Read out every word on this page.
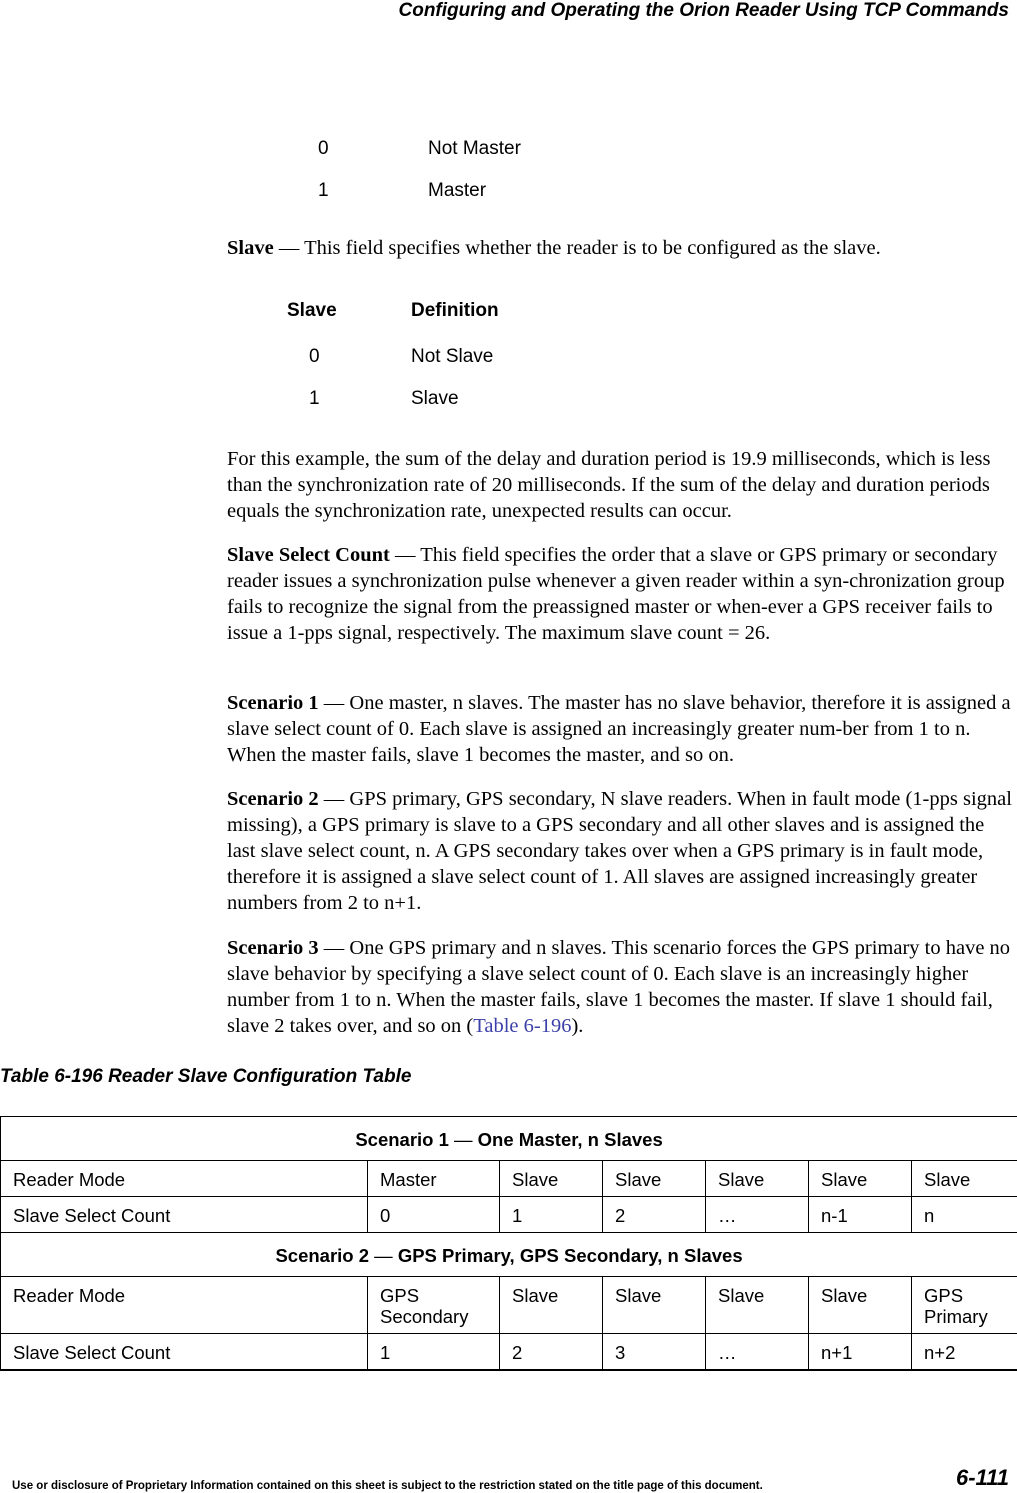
Configuring and Operating the Orion Reader Using TCP Commands
0	Not Master
1	Master
Slave — This field specifies whether the reader is to be configured as the slave.
Slave	Definition
0	Not Slave
1	Slave

For this example, the sum of the delay and duration period is 19.9 milliseconds, which is less than the synchronization rate of 20 milliseconds. If the sum of the delay and duration periods equals the synchronization rate, unexpected results can occur.

Slave Select Count — This field specifies the order that a slave or GPS primary or secondary reader issues a synchronization pulse whenever a given reader within a syn-chronization group fails to recognize the signal from the preassigned master or when-ever a GPS receiver fails to issue a 1-pps signal, respectively. The maximum slave count = 26.

Scenario 1 — One master, n slaves. The master has no slave behavior, therefore it is assigned a slave select count of 0. Each slave is assigned an increasingly greater num-ber from 1 to n. When the master fails, slave 1 becomes the master, and so on.

Scenario 2 — GPS primary, GPS secondary, N slave readers. When in fault mode (1-pps signal missing), a GPS primary is slave to a GPS secondary and all other slaves and is assigned the last slave select count, n. A GPS secondary takes over when a GPS primary is in fault mode, therefore it is assigned a slave select count of 1. All slaves are assigned increasingly greater numbers from 2 to n+1.

Scenario 3 — One GPS primary and n slaves. This scenario forces the GPS primary to have no slave behavior by specifying a slave select count of 0. Each slave is an increasingly higher number from 1 to n. When the master fails, slave 1 becomes the master. If slave 1 should fail, slave 2 takes over, and so on (Table 6-196).

Table 6-196 Reader Slave Configuration Table
Scenario 1 — One Master, n Slaves						
Reader Mode	Master	Slave	Slave	Slave	Slave	Slave
Slave Select Count	0	1	2	…	n-1	n
Scenario 2 — GPS Primary, GPS Secondary, n Slaves						
Reader Mode	GPS Secondary	Slave	Slave	Slave	Slave	GPS Primary
Slave Select Count	1	2	3	…	n+1	n+2
Use or disclosure of Proprietary Information contained on this sheet is subject to the restriction stated on the title page of this document.	6-111
